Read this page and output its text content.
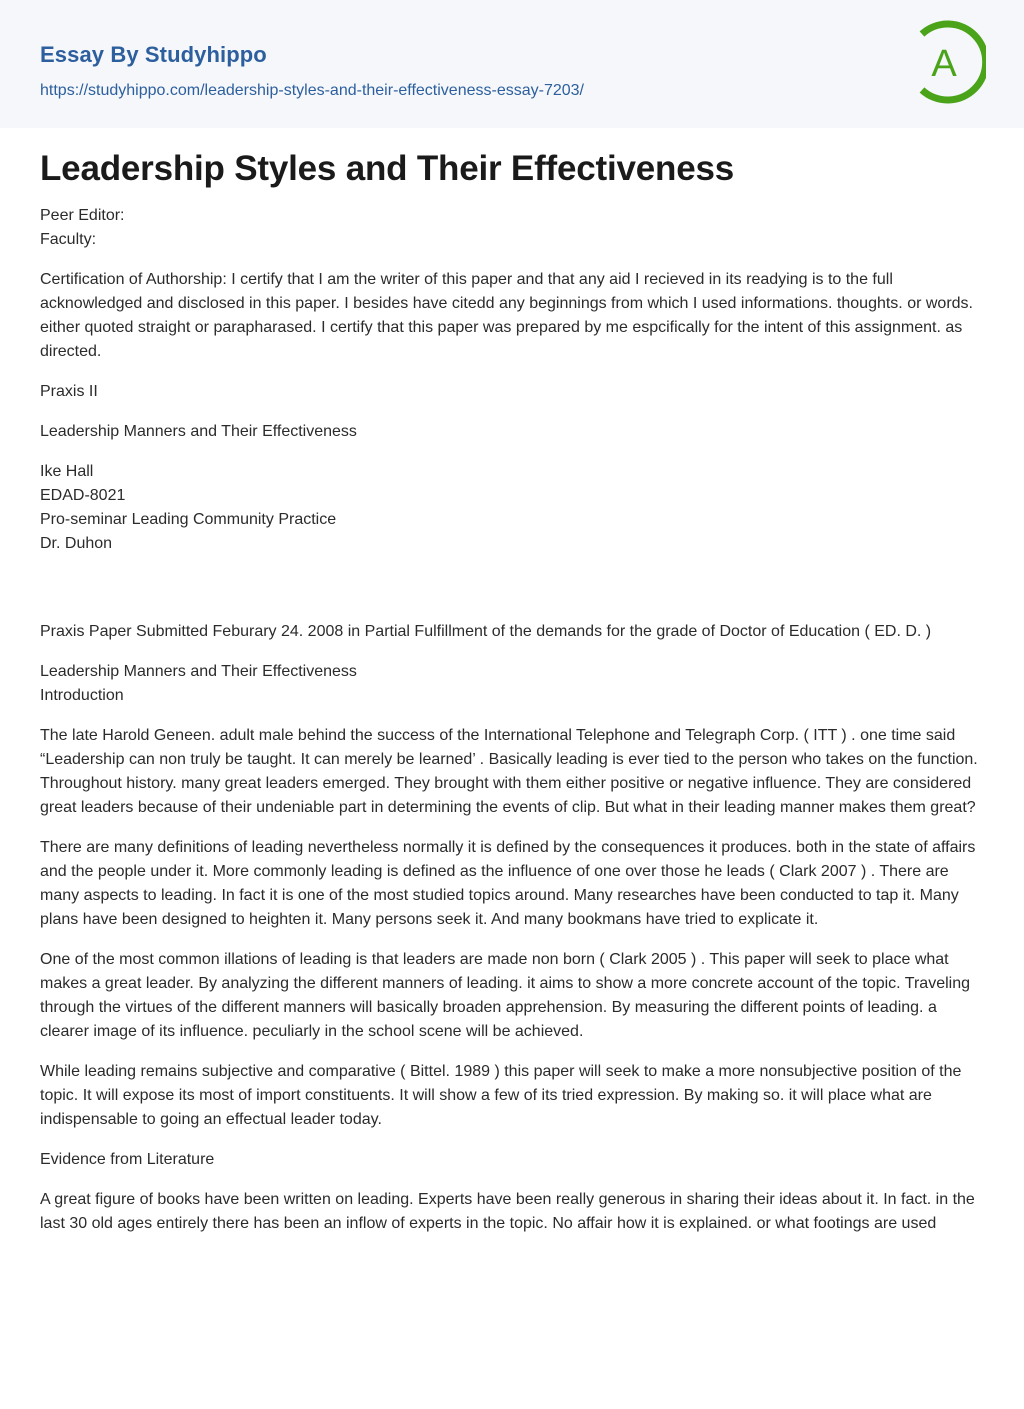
Essay By Studyhippo
https://studyhippo.com/leadership-styles-and-their-effectiveness-essay-7203/
A
Leadership Styles and Their Effectiveness

Peer Editor:
Faculty:

Certification of Authorship: I certify that I am the writer of this paper and that any aid I recieved in its readying is to the full acknowledged and disclosed in this paper. I besides have citedd any beginnings from which I used informations. thoughts. or words. either quoted straight or parapharased. I certify that this paper was prepared by me espcifically for the intent of this assignment. as directed.

Praxis II

Leadership Manners and Their Effectiveness

Ike Hall
EDAD-8021
Pro-seminar Leading Community Practice
Dr. Duhon

Praxis Paper Submitted Feburary 24. 2008 in Partial Fulfillment of the demands for the grade of Doctor of Education ( ED. D. )

Leadership Manners and Their Effectiveness
Introduction

The late Harold Geneen. adult male behind the success of the International Telephone and Telegraph Corp. ( ITT ) . one time said “Leadership can non truly be taught. It can merely be learned’ . Basically leading is ever tied to the person who takes on the function. Throughout history. many great leaders emerged. They brought with them either positive or negative influence. They are considered great leaders because of their undeniable part in determining the events of clip. But what in their leading manner makes them great?

There are many definitions of leading nevertheless normally it is defined by the consequences it produces. both in the state of affairs and the people under it. More commonly leading is defined as the influence of one over those he leads ( Clark 2007 ) . There are many aspects to leading. In fact it is one of the most studied topics around. Many researches have been conducted to tap it. Many plans have been designed to heighten it. Many persons seek it. And many bookmans have tried to explicate it.

One of the most common illations of leading is that leaders are made non born ( Clark 2005 ) . This paper will seek to place what makes a great leader. By analyzing the different manners of leading. it aims to show a more concrete account of the topic. Traveling through the virtues of the different manners will basically broaden apprehension. By measuring the different points of leading. a clearer image of its influence. peculiarly in the school scene will be achieved.

While leading remains subjective and comparative ( Bittel. 1989 ) this paper will seek to make a more nonsubjective position of the topic. It will expose its most of import constituents. It will show a few of its tried expression. By making so. it will place what are indispensable to going an effectual leader today.

Evidence from Literature

A great figure of books have been written on leading. Experts have been really generous in sharing their ideas about it. In fact. in the last 30 old ages entirely there has been an inflow of experts in the topic. No affair how it is explained. or what footings are used
